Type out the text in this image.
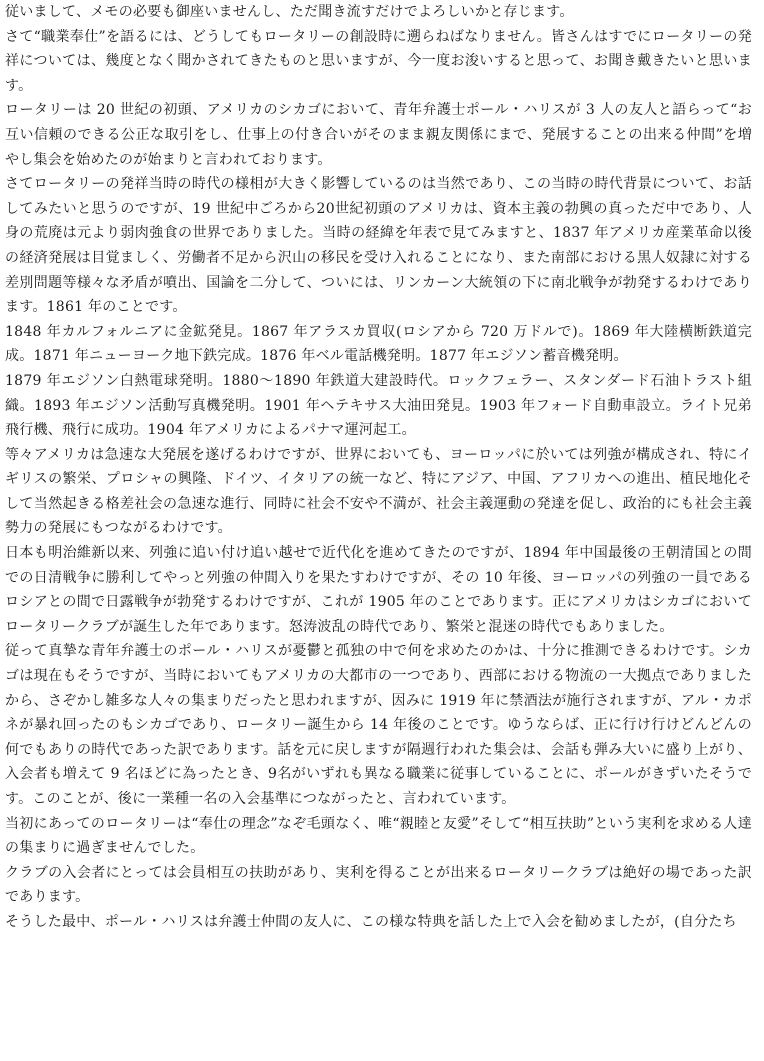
従いまして、メモの必要も御座いませんし、ただ聞き流すだけでよろしいかと存じます。

さて“職業奉仕”を語るには、どうしてもロータリーの創設時に遡らねばなりません。皆さんはすでにロータリーの発祥については、幾度となく聞かされてきたものと思いますが、今一度お浚いすると思って、お聞き戴きたいと思います。

ロータリーは 20 世紀の初頭、アメリカのシカゴにおいて、青年弁護士ポール・ハリスが 3 人の友人と語らって“お互い信頼のできる公正な取引をし、仕事上の付き合いがそのまま親友関係にまで、発展することの出来る仲間”を増やし集会を始めたのが始まりと言われております。

さてロータリーの発祥当時の時代の様相が大きく影響しているのは当然であり、この当時の時代背景について、お話してみたいと思うのですが、19 世紀中ごろから20世紀初頭のアメリカは、資本主義の勃興の真っただ中であり、人身の荒廃は元より弱肉強食の世界でありました。当時の経緯を年表で見てみますと、1837 年アメリカ産業革命以後の経済発展は目覚ましく、労働者不足から沢山の移民を受け入れることになり、また南部における黒人奴隷に対する差別問題等様々な矛盾が噴出、国論を二分して、ついには、リンカーン大統領の下に南北戦争が勃発するわけであります。1861 年のことです。

1848 年カルフォルニアに金鉱発見。1867 年アラスカ買収(ロシアから 720 万ドルで)。1869 年大陸横断鉄道完成。1871 年ニューヨーク地下鉄完成。1876 年ベル電話機発明。1877 年エジソン蓄音機発明。

1879 年エジソン白熱電球発明。1880～1890 年鉄道大建設時代。ロックフェラー、スタンダード石油トラスト組織。1893 年エジソン活動写真機発明。1901 年ヘテキサス大油田発見。1903 年フォード自動車設立。ライト兄弟飛行機、飛行に成功。1904 年アメリカによるパナマ運河起工。

等々アメリカは急速な大発展を遂げるわけですが、世界においても、ヨーロッパに於いては列強が構成され、特にイギリスの繁栄、プロシャの興隆、ドイツ、イタリアの統一など、特にアジア、中国、アフリカへの進出、植民地化そして当然起きる格差社会の急速な進行、同時に社会不安や不満が、社会主義運動の発達を促し、政治的にも社会主義勢力の発展にもつながるわけです。

日本も明治維新以来、列強に追い付け追い越せで近代化を進めてきたのですが、1894 年中国最後の王朝清国との間での日清戦争に勝利してやっと列強の仲間入りを果たすわけですが、その 10 年後、ヨーロッパの列強の一員であるロシアとの間で日露戦争が勃発するわけですが、これが 1905 年のことであります。正にアメリカはシカゴにおいてロータリークラブが誕生した年であります。怒涛波乱の時代であり、繁栄と混迷の時代でもありました。

従って真摯な青年弁護士のポール・ハリスが憂鬱と孤独の中で何を求めたのかは、十分に推測できるわけです。シカゴは現在もそうですが、当時においてもアメリカの大都市の一つであり、西部における物流の一大拠点でありましたから、さぞかし雑多な人々の集まりだったと思われますが、因みに 1919 年に禁酒法が施行されますが、アル・カポネが暴れ回ったのもシカゴであり、ロータリー誕生から 14 年後のことです。ゆうならば、正に行け行けどんどんの何でもありの時代であった訳であります。話を元に戻しますが隔週行われた集会は、会話も弾み大いに盛り上がり、入会者も増えて 9 名ほどに為ったとき、9名がいずれも異なる職業に従事していることに、ポールがきずいたそうです。このことが、後に一業種一名の入会基準につながったと、言われています。

当初にあってのロータリーは“奉仕の理念”なぞ毛頭なく、唯“親睦と友愛”そして“相互扶助”という実利を求める人達の集まりに過ぎませんでした。

クラブの入会者にとっては会員相互の扶助があり、実利を得ることが出来るロータリークラブは絶好の場であった訳であります。

そうした最中、ポール・ハリスは弁護士仲間の友人に、この様な特典を話した上で入会を勧めましたが，(自分たち
